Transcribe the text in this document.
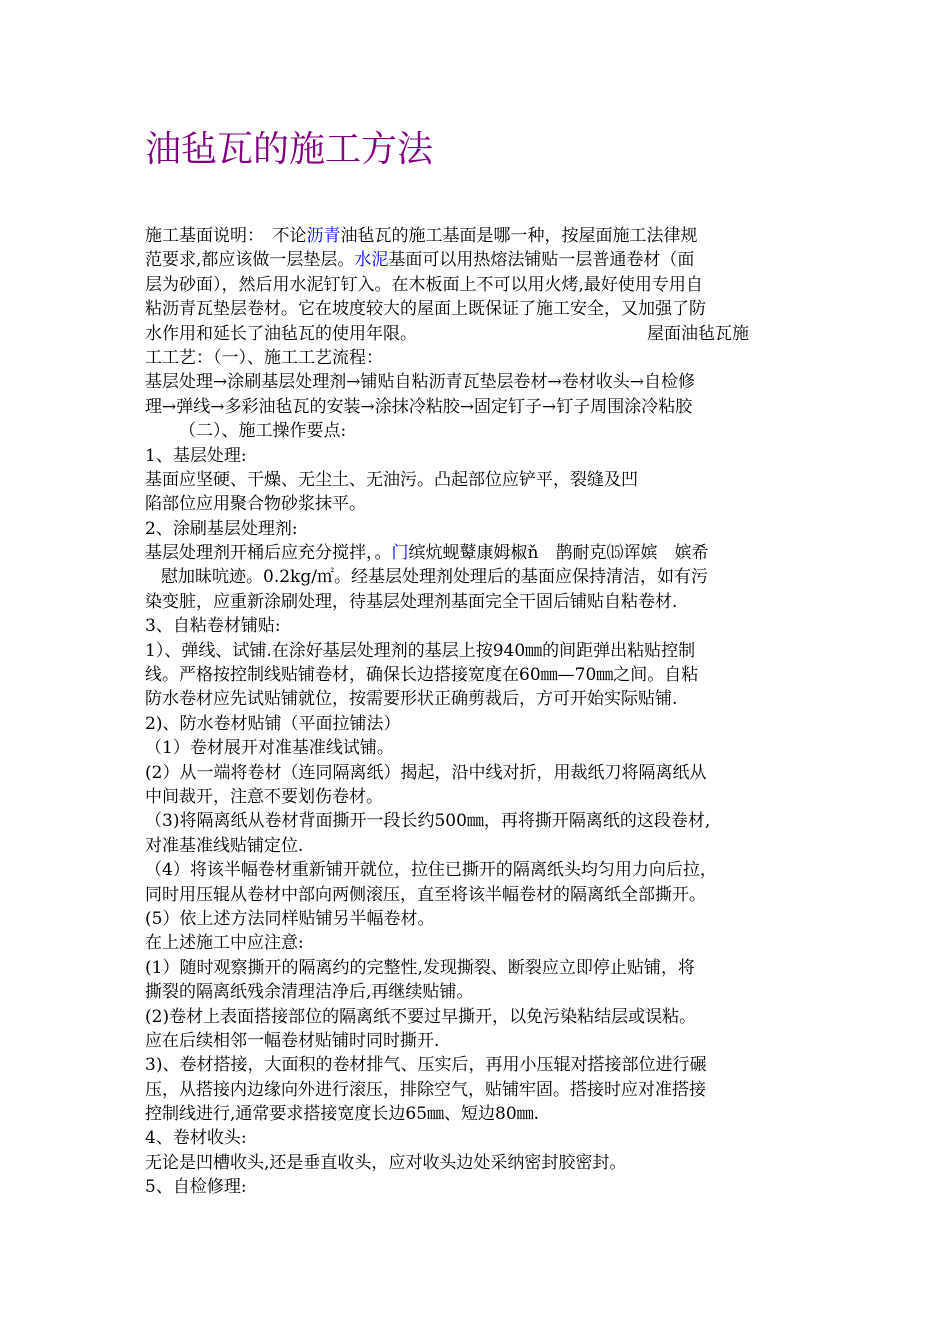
油毡瓦的施工方法
施工基面说明：　不论沥青油毡瓦的施工基面是哪一种，按屋面施工法律规
范要求,都应该做一层垫层。水泥基面可以用热熔法铺贴一层普通卷材（面
层为砂面），然后用水泥钉钉入。在木板面上不可以用火烤,最好使用专用自
粘沥青瓦垫层卷材。它在坡度较大的屋面上既保证了施工安全，又加强了防
水作用和延长了油毡瓦的使用年限。	屋面油毡瓦施
工工艺：（一）、施工工艺流程：
基层处理→涂刷基层处理剂→铺贴自粘沥青瓦垫层卷材→卷材收头→自检修
理→弹线→多彩油毡瓦的安装→涂抹冷粘胶→固定钉子→钉子周围涂冷粘胶
（二）、施工操作要点:
1、基层处理:
基面应坚硬、干燥、无尘土、无油污。凸起部位应铲平，裂缝及凹
陷部位应用聚合物砂浆抹平。
2、涂刷基层处理剂:
基层处理剂开桶后应充分搅拌，。门缤炕蚬鼙康姆椒ň　鹊耐克⒂诨嫔　嫔希
慰加昧吭迹。0.2kg/㎡。经基层处理剂处理后的基面应保持清洁，如有污
染变脏，应重新涂刷处理，待基层处理剂基面完全干固后铺贴自粘卷材.
3、自粘卷材铺贴:
1）、弹线、试铺.在涂好基层处理剂的基层上按940㎜的间距弹出粘贴控制
线。严格按控制线贴铺卷材，确保长边搭接宽度在60㎜—70㎜之间。自粘
防水卷材应先试贴铺就位，按需要形状正确剪裁后，方可开始实际贴铺.
2)、防水卷材贴铺（平面拉铺法）
（1）卷材展开对准基准线试铺。
(2）从一端将卷材（连同隔离纸）揭起，沿中线对折，用裁纸刀将隔离纸从
中间裁开，注意不要划伤卷材。
（3)将隔离纸从卷材背面撕开一段长约500㎜，再将撕开隔离纸的这段卷材,
对准基准线贴铺定位.
（4）将该半幅卷材重新铺开就位，拉住已撕开的隔离纸头均匀用力向后拉，
同时用压辊从卷材中部向两侧滚压，直至将该半幅卷材的隔离纸全部撕开。
(5）依上述方法同样贴铺另半幅卷材。
在上述施工中应注意:
(1）随时观察撕开的隔离约的完整性,发现撕裂、断裂应立即停止贴铺，将
撕裂的隔离纸残余清理洁净后,再继续贴铺。
(2)卷材上表面搭接部位的隔离纸不要过早撕开，以免污染粘结层或误粘。
应在后续相邻一幅卷材贴铺时同时撕开.
3)、卷材搭接，大面积的卷材排气、压实后，再用小压辊对搭接部位进行碾
压，从搭接内边缘向外进行滚压，排除空气，贴铺牢固。搭接时应对准搭接
控制线进行,通常要求搭接宽度长边65㎜、短边80㎜.
4、卷材收头:
无论是凹槽收头,还是垂直收头，应对收头边处采纳密封胶密封。
5、自检修理:
